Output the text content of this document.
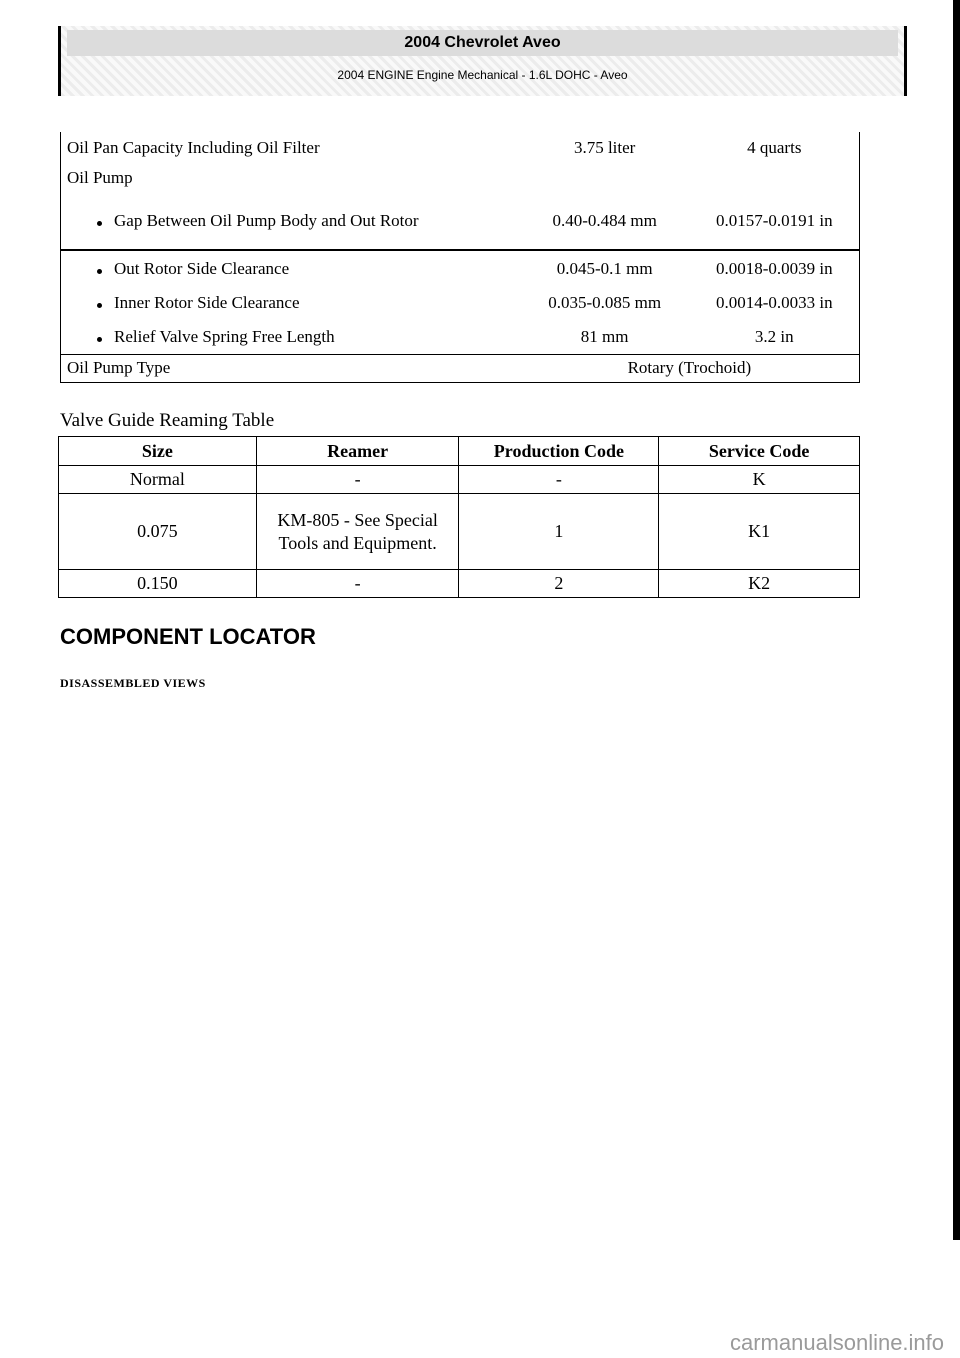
2004 Chevrolet Aveo
2004 ENGINE Engine Mechanical - 1.6L DOHC - Aveo
Oil Pan Capacity Including Oil Filter	3.75 liter	4 quarts
Oil Pump		

Gap Between Oil Pump Body and Out Rotor	0.40-0.484 mm	0.0157-0.0191 in

Out Rotor Side Clearance	0.045-0.1 mm	0.0018-0.0039 in

Inner Rotor Side Clearance	0.035-0.085 mm	0.0014-0.0033 in

Relief Valve Spring Free Length	81 mm	3.2 in
Oil Pump Type	Rotary (Trochoid)	
Valve Guide Reaming Table
Size	Reamer	Production Code	Service Code
Normal	-	-	K
0.075	KM-805 - See Special Tools and Equipment.	1	K1
0.150	-	2	K2
COMPONENT LOCATOR
DISASSEMBLED VIEWS
carmanualsonline.info
